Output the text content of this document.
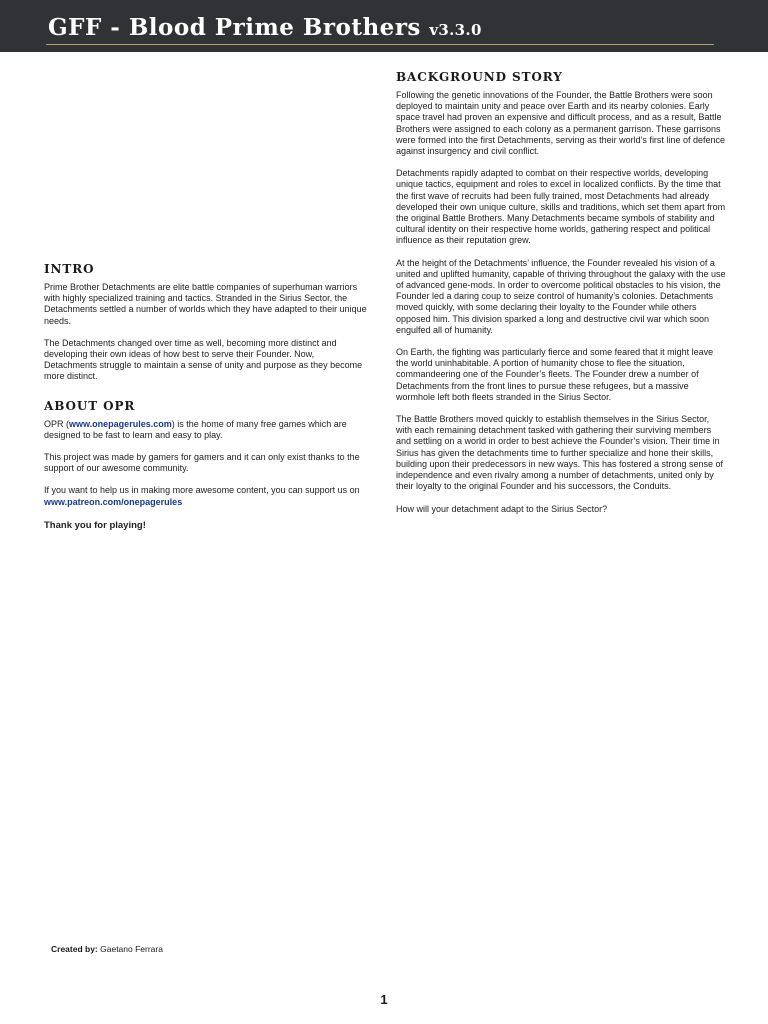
GFF - Blood Prime Brothers v3.3.0
INTRO

Prime Brother Detachments are elite battle companies of superhuman warriors with highly specialized training and tactics. Stranded in the Sirius Sector, the Detachments settled a number of worlds which they have adapted to their unique needs.

The Detachments changed over time as well, becoming more distinct and developing their own ideas of how best to serve their Founder. Now, Detachments struggle to maintain a sense of unity and purpose as they become more distinct.

ABOUT OPR

OPR (www.onepagerules.com) is the home of many free games which are designed to be fast to learn and easy to play.

This project was made by gamers for gamers and it can only exist thanks to the support of our awesome community.

If you want to help us in making more awesome content, you can support us on www.patreon.com/onepagerules

Thank you for playing!

BACKGROUND STORY

Following the genetic innovations of the Founder, the Battle Brothers were soon deployed to maintain unity and peace over Earth and its nearby colonies. Early space travel had proven an expensive and difficult process, and as a result, Battle Brothers were assigned to each colony as a permanent garrison. These garrisons were formed into the first Detachments, serving as their world’s first line of defence against insurgency and civil conflict.

Detachments rapidly adapted to combat on their respective worlds, developing unique tactics, equipment and roles to excel in localized conflicts. By the time that the first wave of recruits had been fully trained, most Detachments had already developed their own unique culture, skills and traditions, which set them apart from the original Battle Brothers. Many Detachments became symbols of stability and cultural identity on their respective home worlds, gathering respect and political influence as their reputation grew.

At the height of the Detachments’ influence, the Founder revealed his vision of a united and uplifted humanity, capable of thriving throughout the galaxy with the use of advanced gene-mods. In order to overcome political obstacles to his vision, the Founder led a daring coup to seize control of humanity’s colonies. Detachments moved quickly, with some declaring their loyalty to the Founder while others opposed him. This division sparked a long and destructive civil war which soon engulfed all of humanity.

On Earth, the fighting was particularly fierce and some feared that it might leave the world uninhabitable. A portion of humanity chose to flee the situation, commandeering one of the Founder’s fleets. The Founder drew a number of Detachments from the front lines to pursue these refugees, but a massive wormhole left both fleets stranded in the Sirius Sector.

The Battle Brothers moved quickly to establish themselves in the Sirius Sector, with each remaining detachment tasked with gathering their surviving members and settling on a world in order to best achieve the Founder’s vision. Their time in Sirius has given the detachments time to further specialize and hone their skills, building upon their predecessors in new ways. This has fostered a strong sense of independence and even rivalry among a number of detachments, united only by their loyalty to the original Founder and his successors, the Conduits.

How will your detachment adapt to the Sirius Sector?

Created by: Gaetano Ferrara
1
